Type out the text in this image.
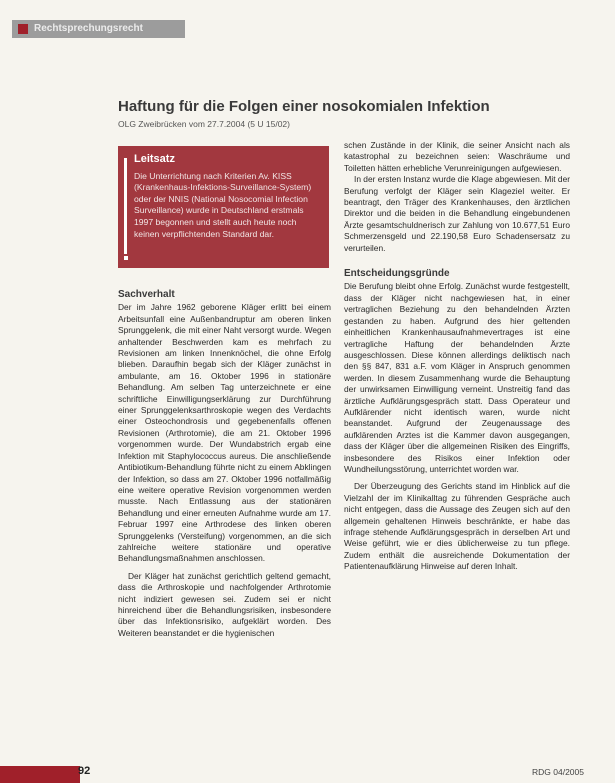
Rechtsprechungsrecht
Haftung für die Folgen einer nosokomialen Infektion
OLG Zweibrücken vom 27.7.2004 (5 U 15/02)
Leitsatz

Die Unterrichtung nach Kriterien Av. KISS (Krankenhaus-Infektions-Surveillance-System) oder der NNIS (National Nosocomial Infection Surveillance) wurde in Deutschland erstmals 1997 begonnen und stellt auch heute noch keinen verpflichtenden Standard dar.

Sachverhalt

Der im Jahre 1962 geborene Kläger erlitt bei einem Arbeitsunfall eine Außenbandruptur am oberen linken Sprunggelenk, die mit einer Naht versorgt wurde. Wegen anhaltender Beschwerden kam es mehrfach zu Revisionen am linken Innenknöchel, die ohne Erfolg blieben. Daraufhin begab sich der Kläger zunächst in ambulante, am 16. Oktober 1996 in stationäre Behandlung. Am selben Tag unterzeichnete er eine schriftliche Einwilligungserklärung zur Durchführung einer Sprunggelenksarthroskopie wegen des Verdachts einer Osteochondrosis und gegebenenfalls offenen Revisionen (Arthrotomie), die am 21. Oktober 1996 vorgenommen wurde. Der Wundabstrich ergab eine Infektion mit Staphylococcus aureus. Die anschließende Antibiotikum-Behandlung führte nicht zu einem Abklingen der Infektion, so dass am 27. Oktober 1996 notfallmäßig eine weitere operative Revision vorgenommen werden musste. Nach Entlassung aus der stationären Behandlung und einer erneuten Aufnahme wurde am 17. Februar 1997 eine Arthrodese des linken oberen Sprunggelenks (Versteifung) vorgenommen, an die sich zahlreiche weitere stationäre und operative Behandlungsmaßnahmen anschlossen.

Der Kläger hat zunächst gerichtlich geltend gemacht, dass die Arthroskopie und nachfolgender Arthrotomie nicht indiziert gewesen sei. Zudem sei er nicht hinreichend über die Behandlungsrisiken, insbesondere über das Infektionsrisiko, aufgeklärt worden. Des Weiteren beanstandet er die hygienischen

schen Zustände in der Klinik, die seiner Ansicht nach als katastrophal zu bezeichnen seien: Waschräume und Toiletten hätten erhebliche Verunreinigungen aufgewiesen.

In der ersten Instanz wurde die Klage abgewiesen. Mit der Berufung verfolgt der Kläger sein Klageziel weiter. Er beantragt, den Träger des Krankenhauses, den ärztlichen Direktor und die beiden in die Behandlung eingebundenen Ärzte gesamtschuldnerisch zur Zahlung von 10.677,51 Euro Schmerzensgeld und 22.190,58 Euro Schadensersatz zu verurteilen.

Entscheidungsgründe

Die Berufung bleibt ohne Erfolg. Zunächst wurde festgestellt, dass der Kläger nicht nachgewiesen hat, in einer vertraglichen Beziehung zu den behandelnden Ärzten gestanden zu haben. Aufgrund des hier geltenden einheitlichen Krankenhausaufnahmevertrages ist eine vertragliche Haftung der behandelnden Ärzte ausgeschlossen. Diese können allerdings deliktisch nach den §§ 847, 831 a.F. vom Kläger in Anspruch genommen werden. In diesem Zusammenhang wurde die Behauptung der unwirksamen Einwilligung verneint. Unstreitig fand das ärztliche Aufklärungsgespräch statt. Dass Operateur und Aufklärender nicht identisch waren, wurde nicht beanstandet. Aufgrund der Zeugenaussage des aufklärenden Arztes ist die Kammer davon ausgegangen, dass der Kläger über die allgemeinen Risiken des Eingriffs, insbesondere des Risikos einer Infektion oder Wundheilungsstörung, unterrichtet worden war.

Der Überzeugung des Gerichts stand im Hinblick auf die Vielzahl der im Klinikalltag zu führenden Gespräche auch nicht entgegen, dass die Aussage des Zeugen sich auf den allgemein gehaltenen Hinweis beschränkte, er habe das infrage stehende Aufklärungsgespräch in derselben Art und Weise geführt, wie er dies üblicherweise zu tun pflege. Zudem enthält die ausreichende Dokumentation der Patientenaufklärung Hinweise auf deren Inhalt.

92	RDG 04/2005
